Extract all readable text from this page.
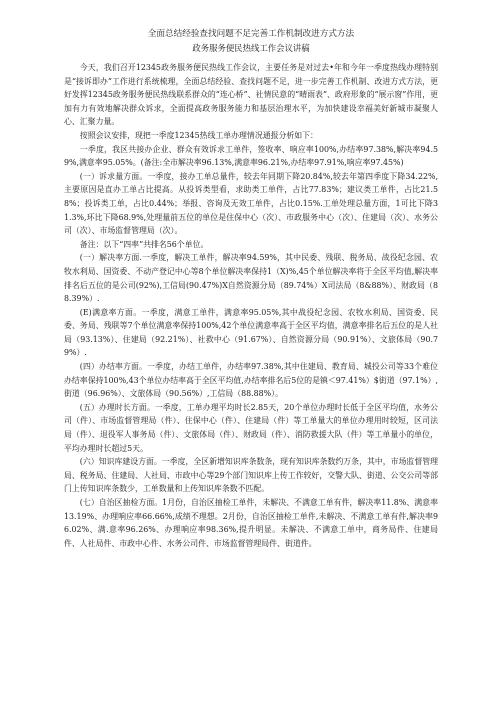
全面总结经验查找问题不足完善工作机制改进方式方法
政务服务便民热线工作会议讲稿

今天，我们召开12345政务服务便民热线工作会议，主要任务是对过去•年和今年一季度热线办理特别是“接诉即办”工作进行系统梳理，全面总结经验、查找问题不足，进一步完善工作机制、改进方式方法，更好发挥12345政务服务便民热线联系群众的“连心桥”、社情民意的“晴雨表”、政府形象的“展示窗”作用，更加有力有效地解决群众诉求，全面提高政务服务能力和基层治理水平，为加快建设幸福美好新城市凝聚人心、汇聚力量。

按照会议安排，现把一季度12345热线工单办理情况通报分析如下：

一季度，我区共接办企业、群众有效诉求工单件，签收率、响应率100%,办结率97.38%,解决率94.59%,满意率95.05%。(备注:全市解决率96.13%,满意率96.21%,办结率97.91%,响应率97.45%)

(一）诉求量方面。一季度，接办工单总量件，较去年同期下降20.84%,较去年第四季度下降34.22%,主要原因是直办工单占比提高。从投诉类型看，求助类工单件，占比77.83%；建议类工单件，占比21.58%；投诉类工单，占比0.44%；举报、咨询及无效工单件，占比0.15%.工单处理总量方面，1可比下降31.3%,环比下降68.9%,处理量前五位的单位是住保中心（次）、市政服务中心（次）、住建局（次）、水务公司（次）、市场监督管理局（次）。

备注：以下“四率”共排名56个单位。

(一）解决率方面.一季度，解决工单件，解决率94.59%，其中民委、残联、税务局、战役纪念园、农牧水利局、国资委、不动产登记中心等8个单位解决率保持1（X)%,45个单位解决率将于全区平均值,解决率排名后五位的是公司(92%),工信局(90.47%)X自然资源分局（89.74%）X司法局（8&88%）、财政局（88.39%）.

(E)满意率方面。一季度，满意工单件，满意率95.05%,其中战役纪念园、农牧水利局、国资委、民委、务局、残联等7个单位满意率保持100%,42个单位满意率高于全区平均值，满意率排名后五位的是人社局（93.13%）、住建局（92.21%）、社救中心（91.67%）、自然资源分局（90.91%）、文旅体局（90.79%）.

(四）办结率方面。一季度，办结工单件，办结率97.38%,其中住建局、教育局、城投公司等33个难位办结率保持100%,43个单位办结率高于全区平均值,办结率排名后5位的是镇＜97.41%）$街道（97.1%）,街道（96.96%）、文旅体局（90.56%）,工信局（88.88%）。

(五）办理时长方面。一季度，工单办理平均时长2.85天，20个单位办理时长低于全区平均值，水务公司（件）、市场监督管理局（件）、住保中心（件）、住建局（件）等工单量大的单位办理用时较短，区司法局（件）、退役军人事务局（件）、文旅体局（件）、财政局（件）、消防救援大队（件）等工单量小的单位，平均办理时长超过5天。

(六）知识库建设方面。一季度，全区新增知识库条数条，现有知识库条数约万条，其中，市场监督管理局、税务局、住建局、人社局、市政中心等29个部门知识库上传工作较好，交警大队、街道、公交公司等部门上传知识库条数少，工单数量和上传知识库条数不匹配。

(七）自治区抽检方面。1月份，自治区抽检工单件，未解决、不满意工单有件，解决率11.8%、满意率13.19%、办理响应率66.66%,成绩不理想。2月份，自治区抽检工单件,未解决、不满意工单有件,解决率96.02%、满.意率96.26%、办理响应率98.36%,提升明显。未解决、不满意工单中，商务局件、住建局件、人社局件、市政中心件、水务公司件、市场监督管理局件、街道件。
